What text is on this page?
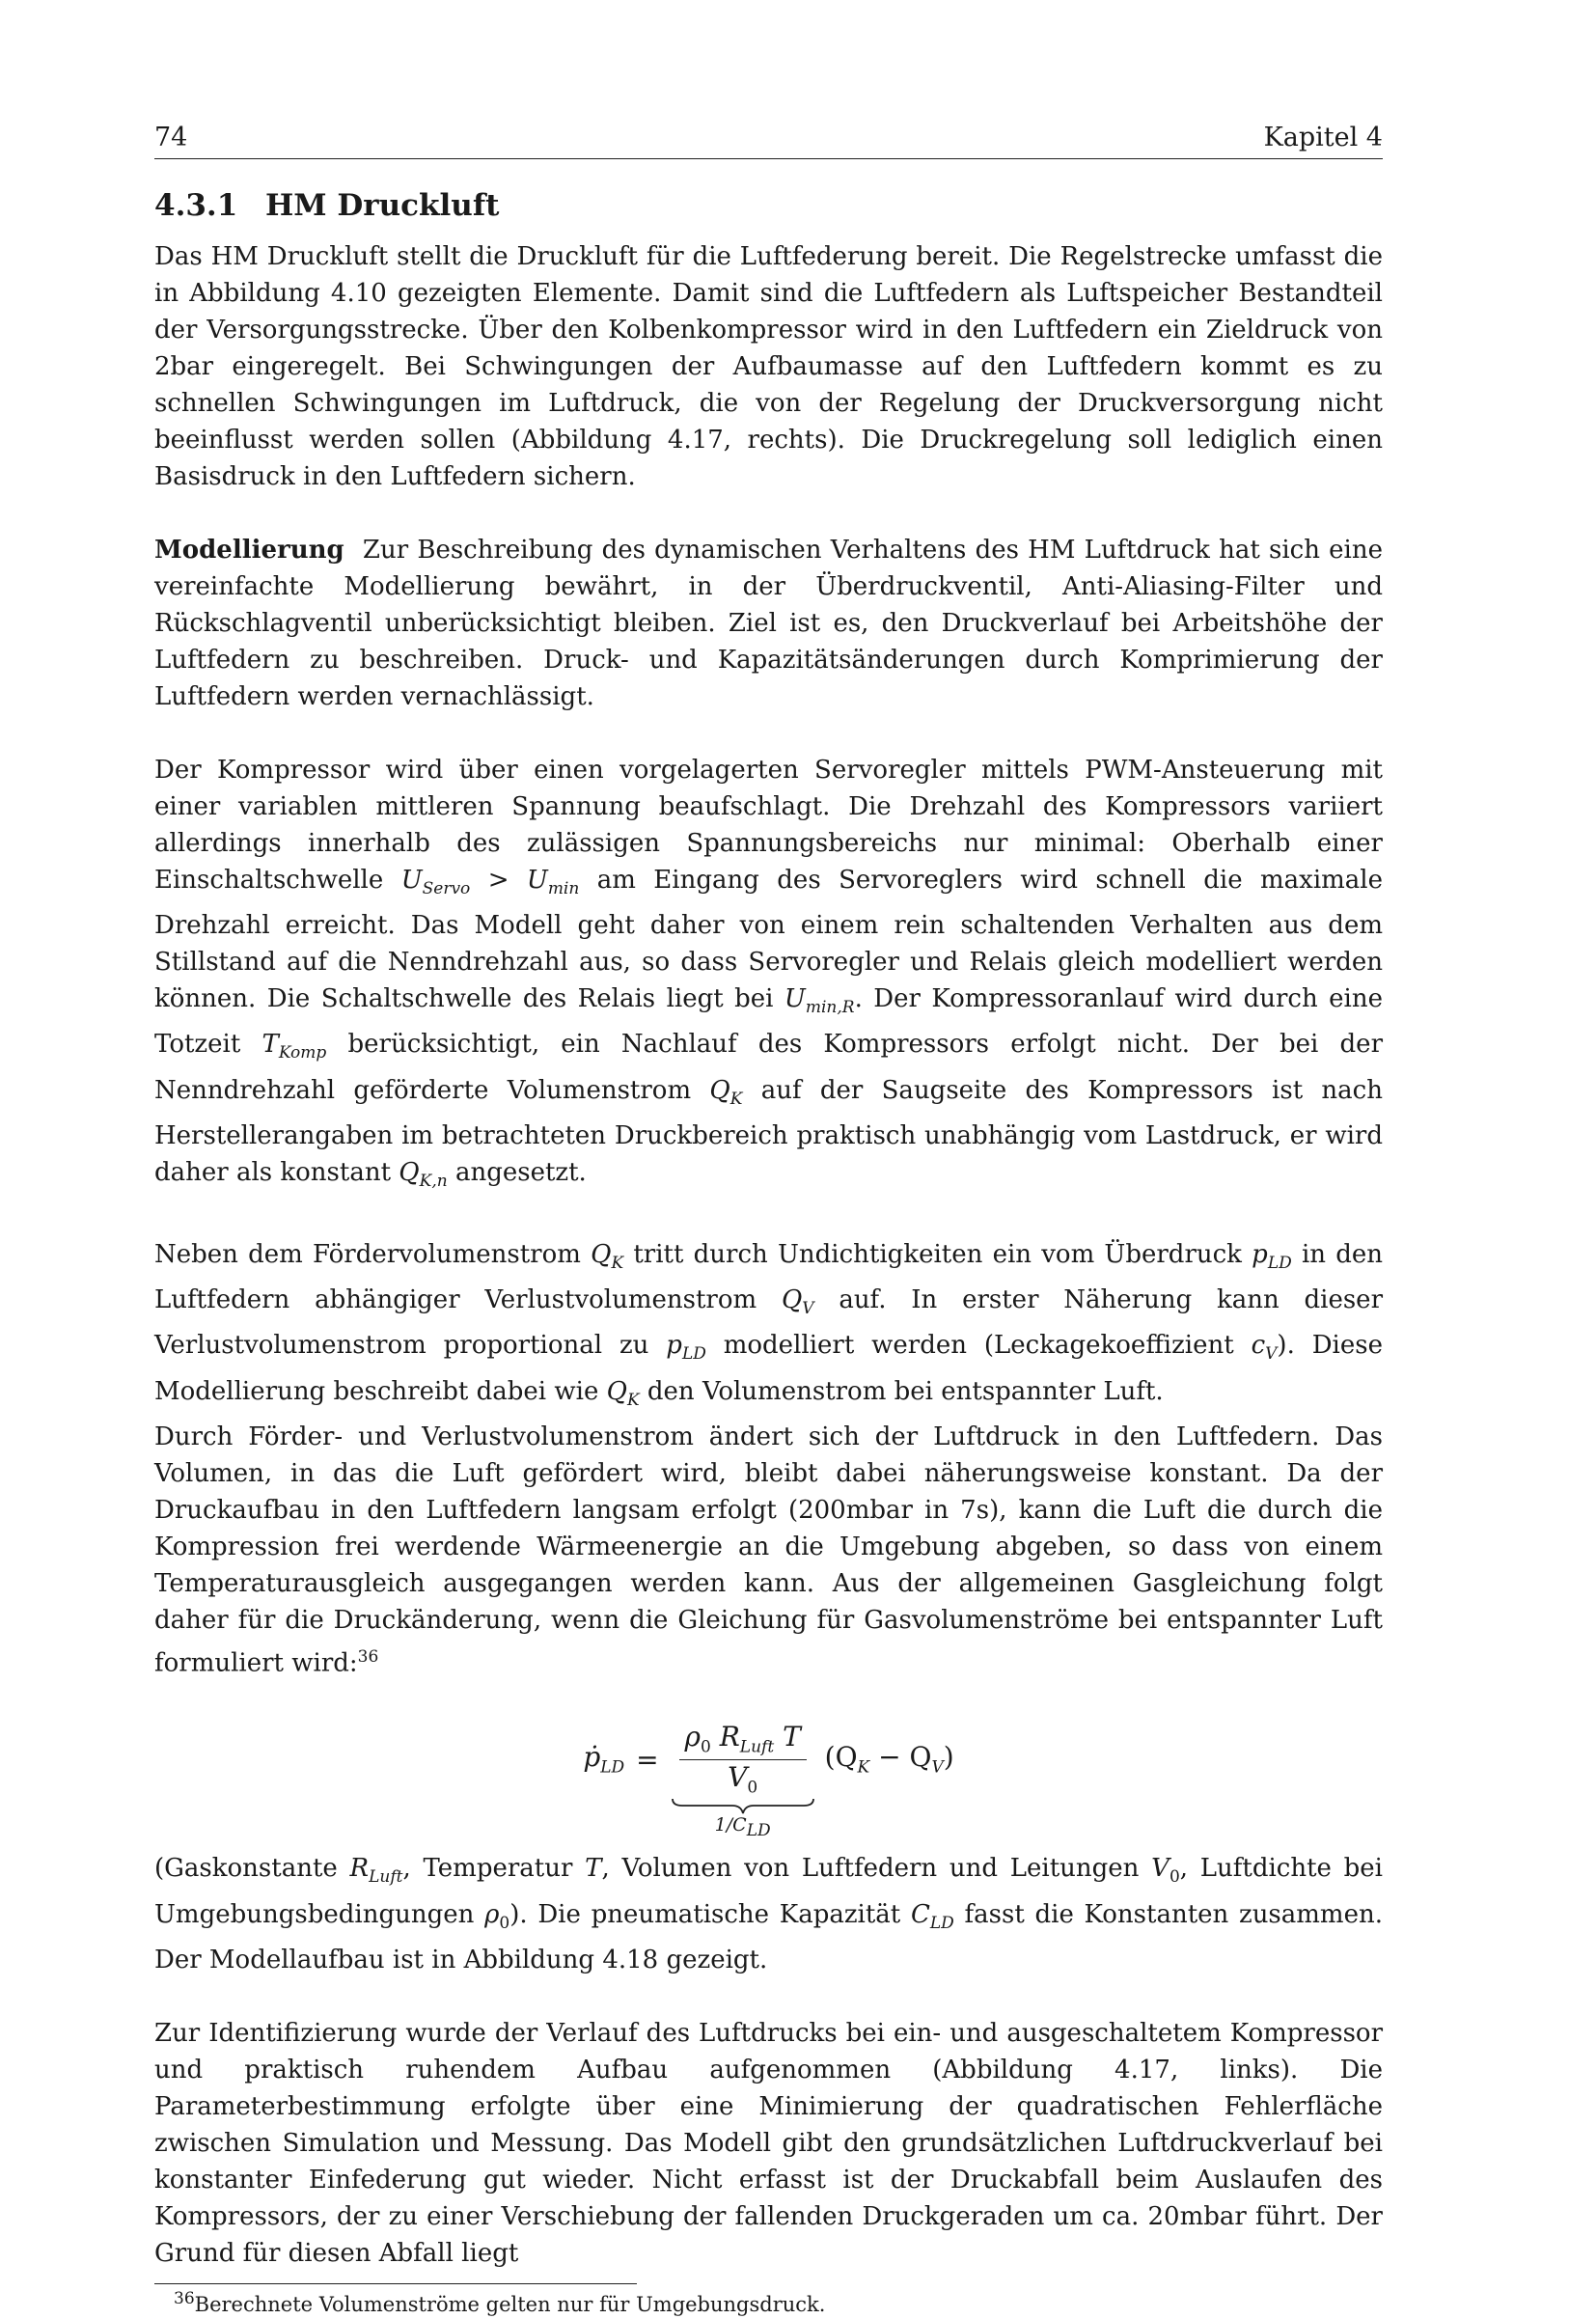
74	Kapitel 4
4.3.1 HM Druckluft

Das HM Druckluft stellt die Druckluft für die Luftfederung bereit. Die Regelstrecke umfasst die in Abbildung 4.10 gezeigten Elemente. Damit sind die Luftfedern als Luftspeicher Bestandteil der Versorgungsstrecke. Über den Kolbenkompressor wird in den Luftfedern ein Zieldruck von 2bar eingeregelt. Bei Schwingungen der Aufbaumasse auf den Luftfedern kommt es zu schnellen Schwingungen im Luftdruck, die von der Regelung der Druckversorgung nicht beeinflusst werden sollen (Abbildung 4.17, rechts). Die Druckregelung soll lediglich einen Basisdruck in den Luftfedern sichern.

Modellierung Zur Beschreibung des dynamischen Verhaltens des HM Luftdruck hat sich eine vereinfachte Modellierung bewährt, in der Überdruckventil, Anti-Aliasing-Filter und Rückschlagventil unberücksichtigt bleiben. Ziel ist es, den Druckverlauf bei Arbeitshöhe der Luftfedern zu beschreiben. Druck- und Kapazitätsänderungen durch Komprimierung der Luftfedern werden vernachlässigt.

Der Kompressor wird über einen vorgelagerten Servoregler mittels PWM-Ansteuerung mit einer variablen mittleren Spannung beaufschlagt. Die Drehzahl des Kompressors variiert allerdings innerhalb des zulässigen Spannungsbereichs nur minimal: Oberhalb einer Einschaltschwelle $U_{Servo} > U_{min}$ am Eingang des Servoreglers wird schnell die maximale Drehzahl erreicht. Das Modell geht daher von einem rein schaltenden Verhalten aus dem Stillstand auf die Nenndrehzahl aus, so dass Servoregler und Relais gleich modelliert werden können. Die Schaltschwelle des Relais liegt bei $U_{min,R}$. Der Kompressoranlauf wird durch eine Totzeit $T_{Komp}$ berücksichtigt, ein Nachlauf des Kompressors erfolgt nicht. Der bei der Nenndrehzahl geförderte Volumenstrom $Q_K$ auf der Saugseite des Kompressors ist nach Herstellerangaben im betrachteten Druckbereich praktisch unabhängig vom Lastdruck, er wird daher als konstant $Q_{K,n}$ angesetzt.

Neben dem Fördervolumenstrom $Q_K$ tritt durch Undichtigkeiten ein vom Überdruck $p_{LD}$ in den Luftfedern abhängiger Verlustvolumenstrom $Q_V$ auf. In erster Näherung kann dieser Verlustvolumenstrom proportional zu $p_{LD}$ modelliert werden (Leckagekoeffizient $c_V$). Diese Modellierung beschreibt dabei wie $Q_K$ den Volumenstrom bei entspannter Luft.

Durch Förder- und Verlustvolumenstrom ändert sich der Luftdruck in den Luftfedern. Das Volumen, in das die Luft gefördert wird, bleibt dabei näherungsweise konstant. Da der Druckaufbau in den Luftfedern langsam erfolgt (200mbar in 7s), kann die Luft die durch die Kompression frei werdende Wärmeenergie an die Umgebung abgeben, so dass von einem Temperaturausgleich ausgegangen werden kann. Aus der allgemeinen Gasgleichung folgt daher für die Druckänderung, wenn die Gleichung für Gasvolumenströme bei entspannter Luft formuliert wird:$^{36}$

ṗ$_{LD}$ = $\frac{\rho_0 R_{Luft} T}{V_0}$
$1/C_{LD}$
$(Q_K - Q_V)$

(Gaskonstante $R_{Luft}$, Temperatur T, Volumen von Luftfedern und Leitungen $V_0$, Luftdichte bei Umgebungsbedingungen $\rho_0$). Die pneumatische Kapazität $C_{LD}$ fasst die Konstanten zusammen. Der Modellaufbau ist in Abbildung 4.18 gezeigt.

Zur Identifizierung wurde der Verlauf des Luftdrucks bei ein- und ausgeschaltetem Kompressor und praktisch ruhendem Aufbau aufgenommen (Abbildung 4.17, links). Die Parameterbestimmung erfolgte über eine Minimierung der quadratischen Fehlerfläche zwischen Simulation und Messung. Das Modell gibt den grundsätzlichen Luftdruckverlauf bei konstanter Einfederung gut wieder. Nicht erfasst ist der Druckabfall beim Auslaufen des Kompressors, der zu einer Verschiebung der fallenden Druckgeraden um ca. 20mbar führt. Der Grund für diesen Abfall liegt

$^{36}$Berechnete Volumenströme gelten nur für Umgebungsdruck.
